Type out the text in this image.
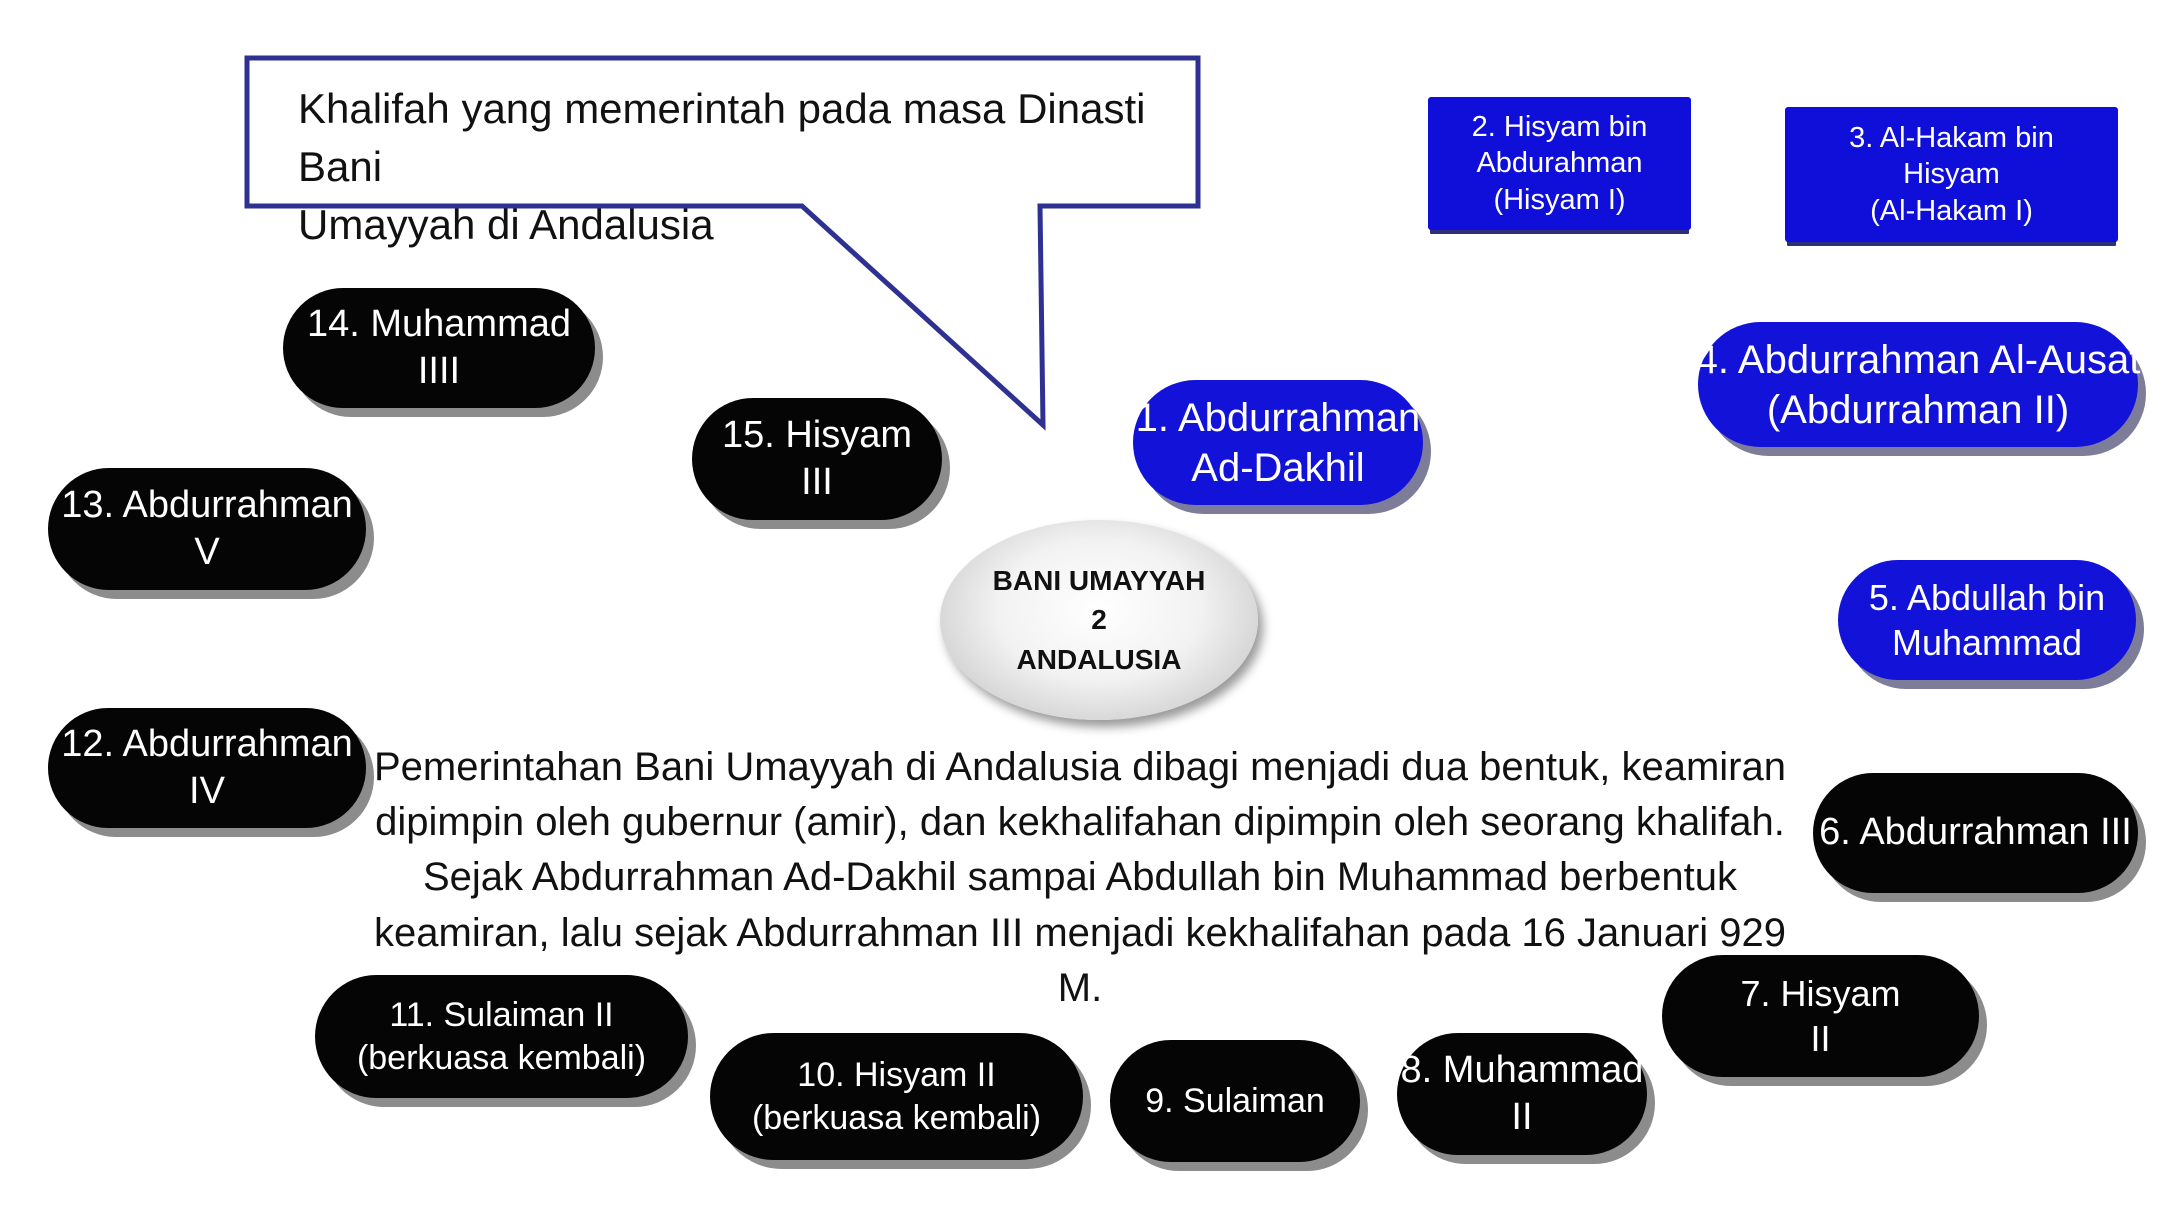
Khalifah yang memerintah pada masa Dinasti Bani
Umayyah di Andalusia
BANI UMAYYAH
2
ANDALUSIA
1. Abdurrahman
Ad-Dakhil
2. Hisyam bin
Abdurahman
(Hisyam I)
3. Al-Hakam bin
Hisyam
(Al-Hakam I)
4. Abdurrahman Al-Ausat
(Abdurrahman II)
5. Abdullah bin
Muhammad
6. Abdurrahman III
7. Hisyam
II
8. Muhammad
II
9. Sulaiman
10. Hisyam II
(berkuasa kembali)
11. Sulaiman II
(berkuasa kembali)
12. Abdurrahman
IV
13. Abdurrahman
V
14. Muhammad
IIII
15. Hisyam
III
Pemerintahan Bani Umayyah di Andalusia dibagi menjadi dua bentuk, keamiran
dipimpin oleh gubernur (amir), dan kekhalifahan dipimpin oleh seorang khalifah.
Sejak Abdurrahman Ad-Dakhil sampai Abdullah bin Muhammad berbentuk
keamiran, lalu sejak Abdurrahman III menjadi kekhalifahan pada 16 Januari 929 M.
